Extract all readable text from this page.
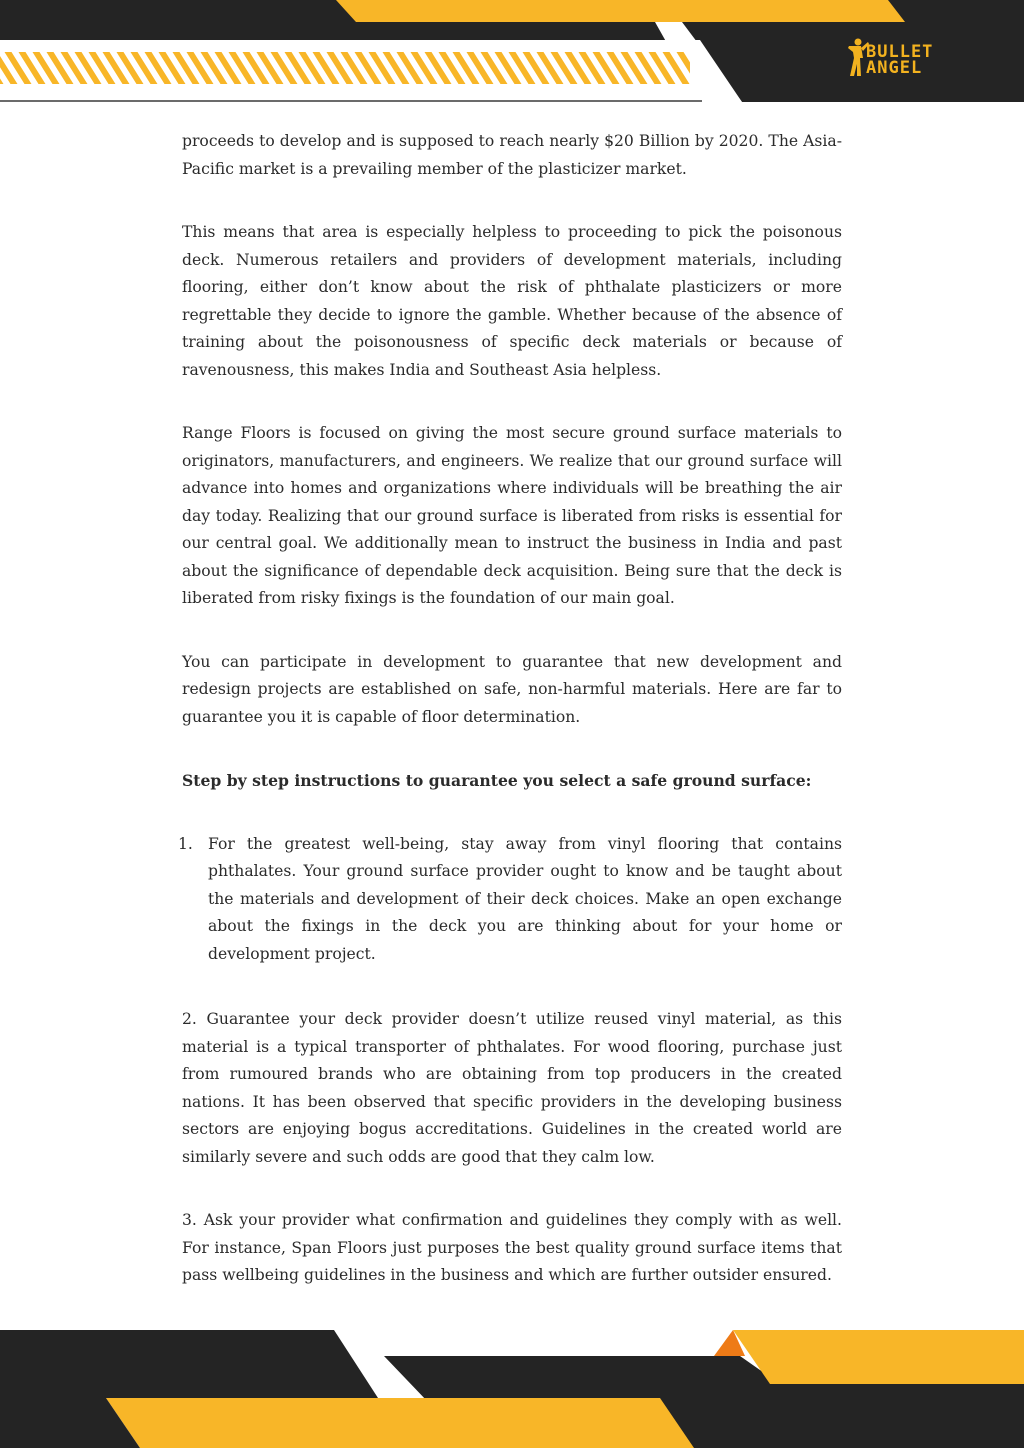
BULLET
ANGEL

proceeds to develop and is supposed to reach nearly $20 Billion by 2020. The Asia-Pacific market is a prevailing member of the plasticizer market.

This means that area is especially helpless to proceeding to pick the poisonous deck. Numerous retailers and providers of development materials, including flooring, either don’t know about the risk of phthalate plasticizers or more regrettable they decide to ignore the gamble. Whether because of the absence of training about the poisonousness of specific deck materials or because of ravenousness, this makes India and Southeast Asia helpless.

Range Floors is focused on giving the most secure ground surface materials to originators, manufacturers, and engineers. We realize that our ground surface will advance into homes and organizations where individuals will be breathing the air day today. Realizing that our ground surface is liberated from risks is essential for our central goal. We additionally mean to instruct the business in India and past about the significance of dependable deck acquisition. Being sure that the deck is liberated from risky fixings is the foundation of our main goal.

You can participate in development to guarantee that new development and redesign projects are established on safe, non-harmful materials. Here are far to guarantee you it is capable of floor determination.

Step by step instructions to guarantee you select a safe ground surface:

1. For the greatest well-being, stay away from vinyl flooring that contains phthalates. Your ground surface provider ought to know and be taught about the materials and development of their deck choices. Make an open exchange about the fixings in the deck you are thinking about for your home or development project.

2. Guarantee your deck provider doesn’t utilize reused vinyl material, as this material is a typical transporter of phthalates. For wood flooring, purchase just from rumoured brands who are obtaining from top producers in the created nations. It has been observed that specific providers in the developing business sectors are enjoying bogus accreditations. Guidelines in the created world are similarly severe and such odds are good that they calm low.

3. Ask your provider what confirmation and guidelines they comply with as well. For instance, Span Floors just purposes the best quality ground surface items that pass wellbeing guidelines in the business and which are further outsider ensured.
